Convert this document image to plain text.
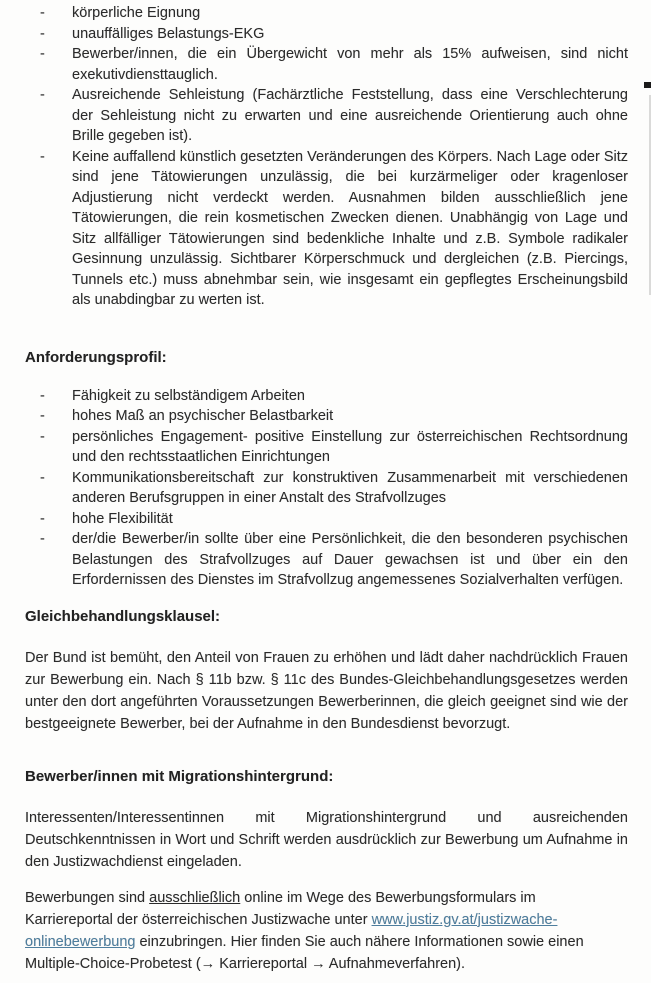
-	körperliche Eignung
-	unauffälliges Belastungs-EKG
-	Bewerber/innen, die ein Übergewicht von mehr als 15% aufweisen, sind nicht exekutivdiensttauglich.
-	Ausreichende Sehleistung (Fachärztliche Feststellung, dass eine Verschlechterung der Sehleistung nicht zu erwarten und eine ausreichende Orientierung auch ohne Brille gegeben ist).
-	Keine auffallend künstlich gesetzten Veränderungen des Körpers. Nach Lage oder Sitz sind jene Tätowierungen unzulässig, die bei kurzärmeliger oder kragenloser Adjustierung nicht verdeckt werden. Ausnahmen bilden ausschließlich jene Tätowierungen, die rein kosmetischen Zwecken dienen. Unabhängig von Lage und Sitz allfälliger Tätowierungen sind bedenkliche Inhalte und z.B. Symbole radikaler Gesinnung unzulässig. Sichtbarer Körperschmuck und dergleichen (z.B. Piercings, Tunnels etc.) muss abnehmbar sein, wie insgesamt ein gepflegtes Erscheinungsbild als unabdingbar zu werten ist.
Anforderungsprofil:
-	Fähigkeit zu selbständigem Arbeiten
-	hohes Maß an psychischer Belastbarkeit
-	persönliches Engagement- positive Einstellung zur österreichischen Rechtsordnung und den rechtsstaatlichen Einrichtungen
-	Kommunikationsbereitschaft zur konstruktiven Zusammenarbeit mit verschiedenen anderen Berufsgruppen in einer Anstalt des Strafvollzuges
-	hohe Flexibilität
-	der/die Bewerber/in sollte über eine Persönlichkeit, die den besonderen psychischen Belastungen des Strafvollzuges auf Dauer gewachsen ist und über ein den Erfordernissen des Dienstes im Strafvollzug angemessenes Sozialverhalten verfügen.
Gleichbehandlungsklausel:

Der Bund ist bemüht, den Anteil von Frauen zu erhöhen und lädt daher nachdrücklich Frauen zur Bewerbung ein. Nach § 11b bzw. § 11c des Bundes-Gleichbehandlungsgesetzes werden unter den dort angeführten Voraussetzungen Bewerberinnen, die gleich geeignet sind wie der bestgeeignete Bewerber, bei der Aufnahme in den Bundesdienst bevorzugt.

Bewerber/innen mit Migrationshintergrund:

Interessenten/Interessentinnen mit Migrationshintergrund und ausreichenden Deutschkenntnissen in Wort und Schrift werden ausdrücklich zur Bewerbung um Aufnahme in den Justizwachdienst eingeladen.

Bewerbungen sind ausschließlich online im Wege des Bewerbungsformulars im Karriereportal der österreichischen Justizwache unter www.justiz.gv.at/justizwache-onlinebewerbung einzubringen. Hier finden Sie auch nähere Informationen sowie einen Multiple-Choice-Probetest (→ Karriereportal → Aufnahmeverfahren).
